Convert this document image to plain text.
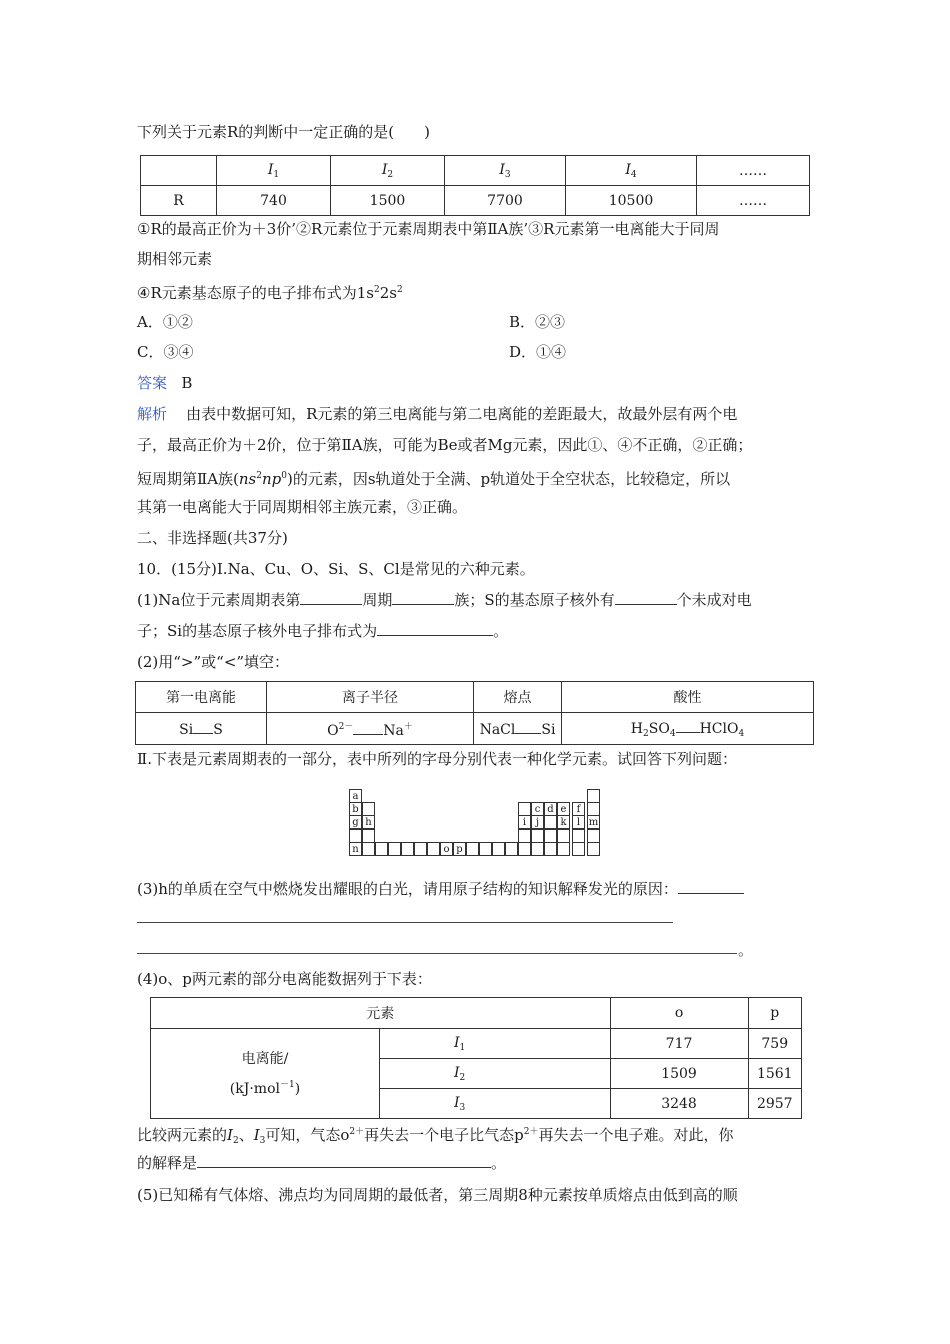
下列关于元素R的判断中一定正确的是(　　)
	$I_1$	$I_2$	$I_3$	$I_4$	……
R	740	1500	7700	10500	……
①R的最高正价为＋3价’②R元素位于元素周期表中第ⅡA族’③R元素第一电离能大于同周
期相邻元素
④R元素基态原子的电子排布式为$1s^22s^2$
A．①②	B．②③
C．③④	D．①④
答案 B
解析 由表中数据可知，R元素的第三电离能与第二电离能的差距最大，故最外层有两个电
子，最高正价为＋2价，位于第ⅡA族，可能为Be或者Mg元素，因此①、④不正确，②正确；
短周期第ⅡA族$(ns^2np^0)$的元素，因s轨道处于全满、p轨道处于全空状态，比较稳定，所以
其第一电离能大于同周期相邻主族元素，③正确。
二、非选择题(共37分)
10．(15分)Ⅰ.Na、Cu、O、Si、S、Cl是常见的六种元素。
(1)Na位于元素周期表第	周期	族；S的基态原子核外有	个未成对电
子；Si的基态原子核外电子排布式为	。
(2)用“>”或“<”填空：
第一电离能	离子半径	熔点	酸性
Si S	$O^{2-}$ Na＋	NaCl Si	$H_2SO_4$ HClO$_4$
Ⅱ.下表是元素周期表的一部分，表中所列的字母分别代表一种化学元素。试回答下列问题：
a
b	c d e	f
g h	i j	k	l m
n	o p
(3)h的单质在空气中燃烧发出耀眼的白光，请用原子结构的知识解释发光的原因：
。
(4)o、p两元素的部分电离能数据列于下表：
元素		o	p

电离能/
(kJ·mol$^{-1}$)	$I_1$	717	759
	$I_2$	1509	1561
	$I_3$	3248	2957
比较两元素的$I_2$、$I_3$可知，气态$o^{2+}$再失去一个电子比气态$p^{2+}$再失去一个电子难。对此，你
的解释是	。
(5)已知稀有气体熔、沸点均为同周期的最低者，第三周期8种元素按单质熔点由低到高的顺
